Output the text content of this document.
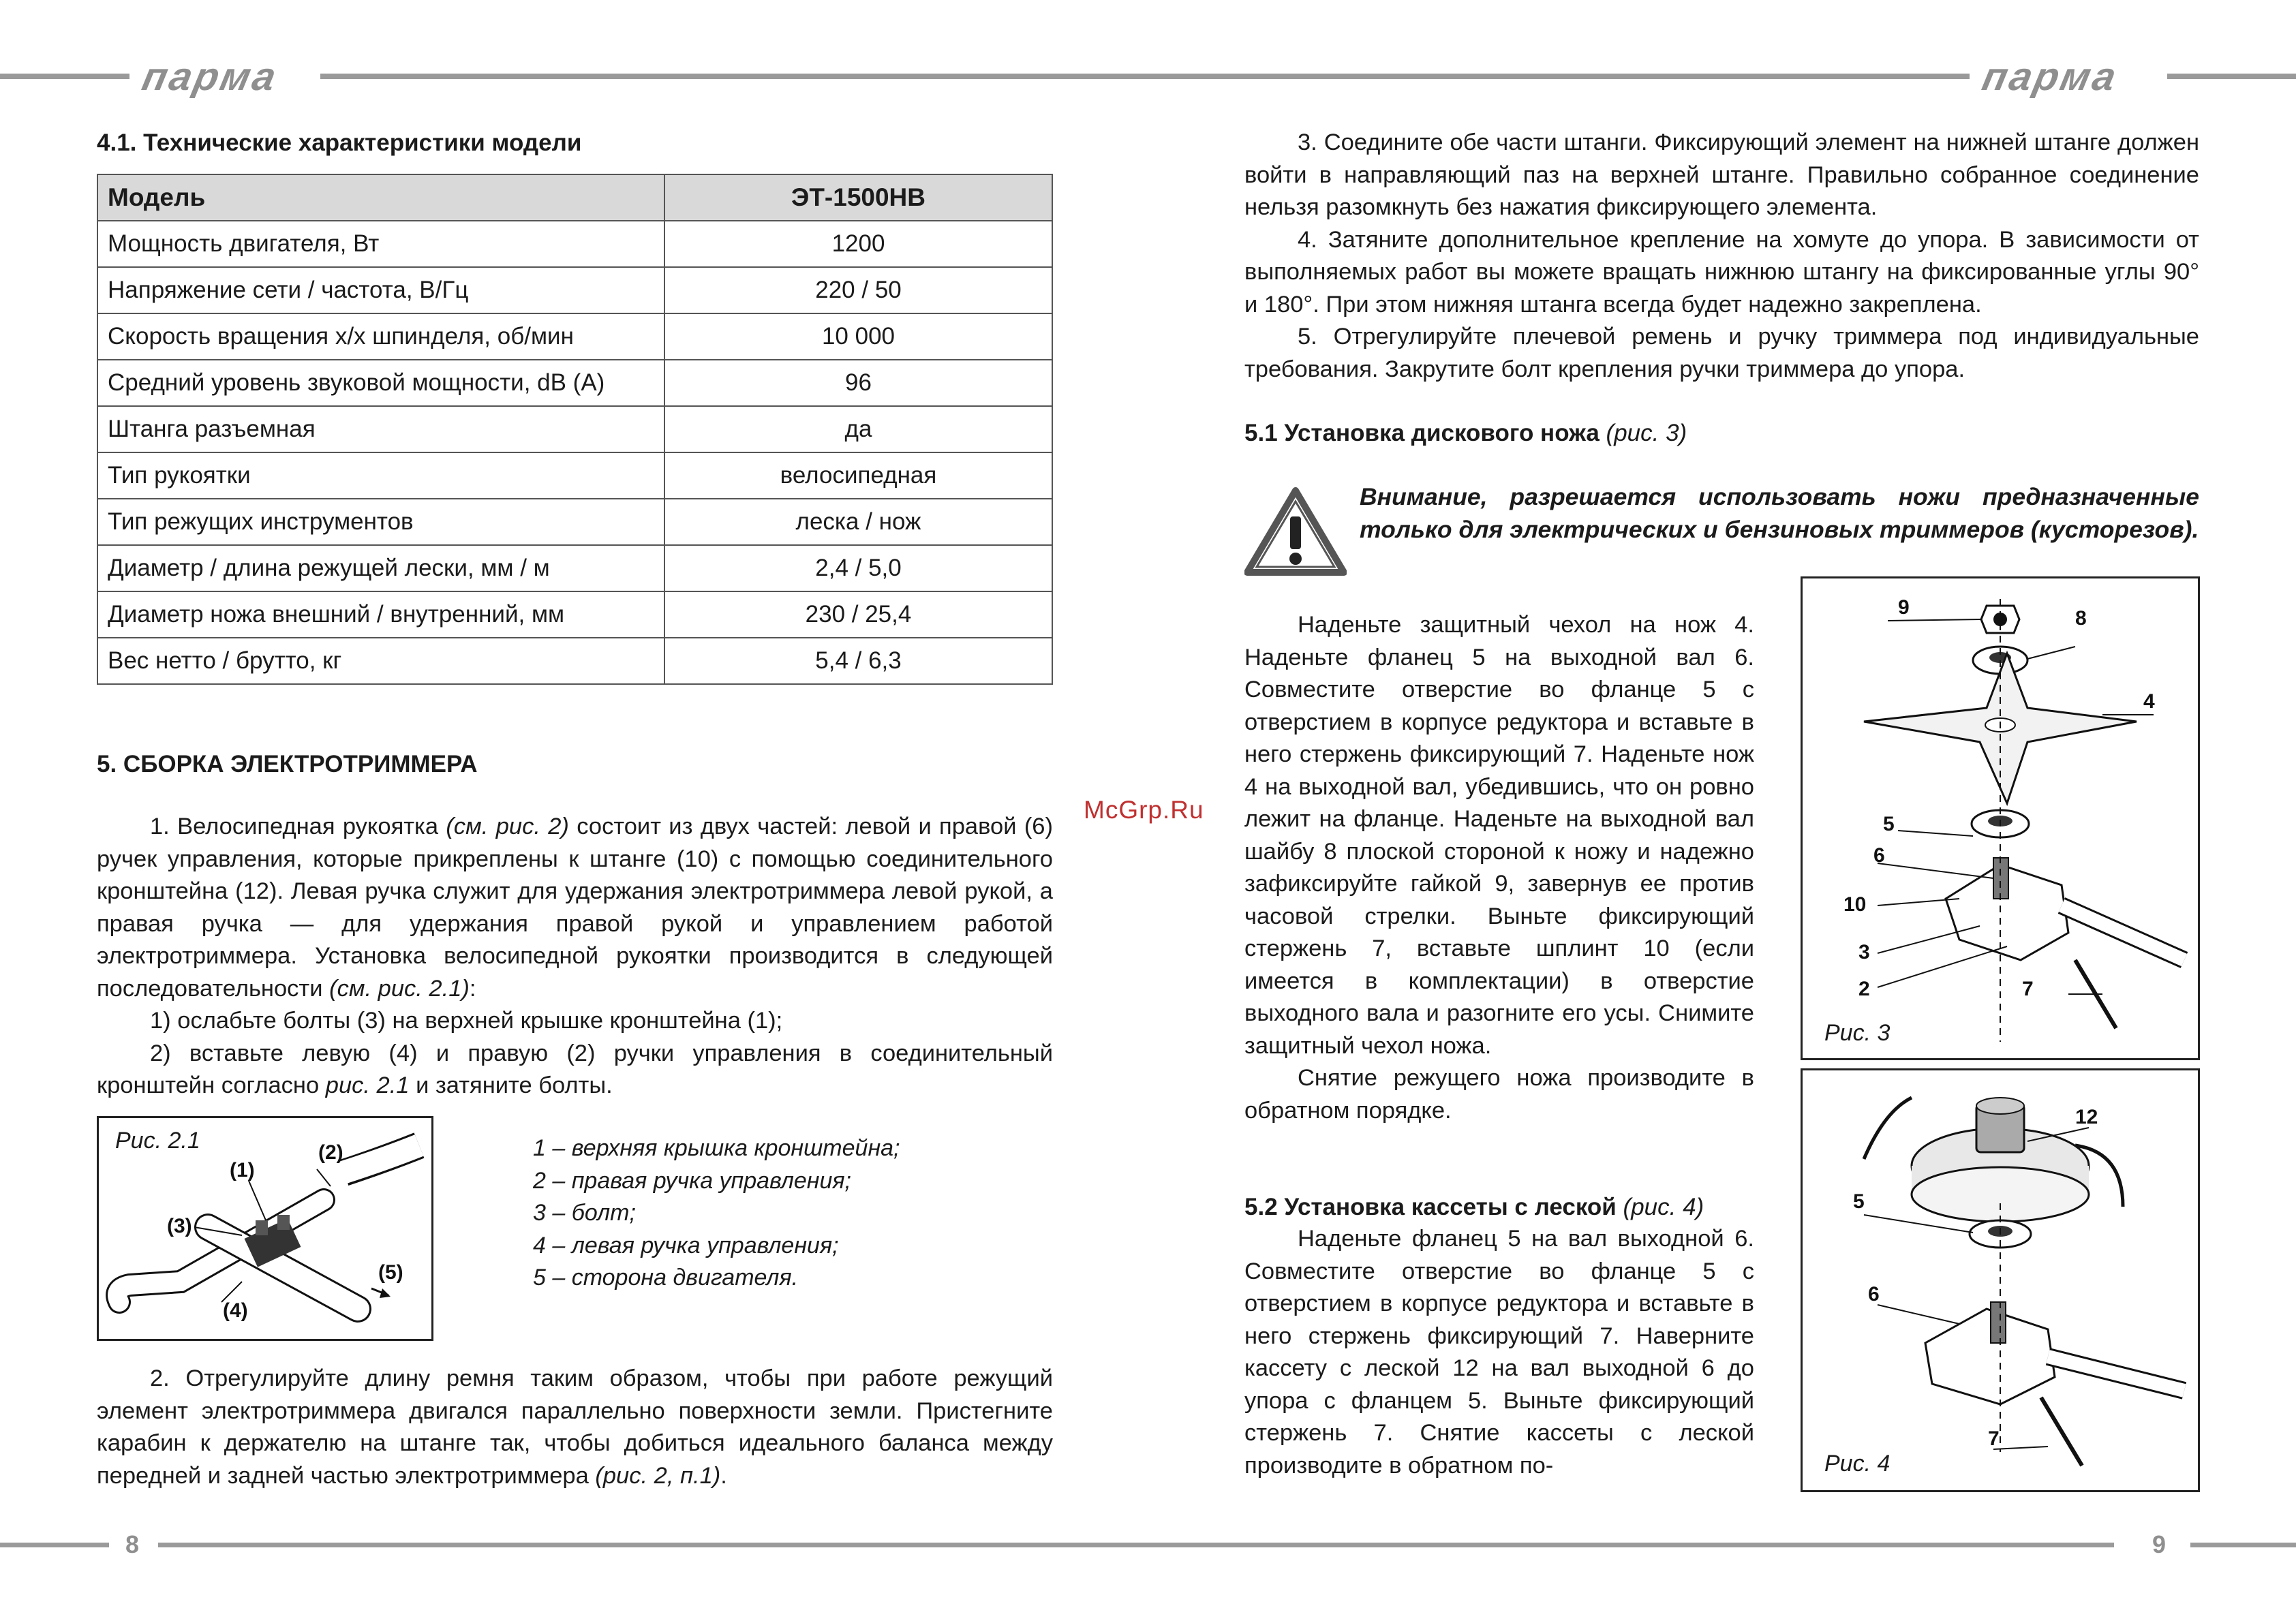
парма	парма
8	9
4.1. Технические характеристики модели
Модель	ЭТ-1500НВ
Мощность двигателя, Вт	1200
Напряжение сети / частота, В/Гц	220 / 50
Скорость вращения х/х шпинделя, об/мин	10 000
Средний уровень звуковой мощности, dB (A)	96
Штанга разъемная	да
Тип рукоятки	велосипедная
Тип режущих инструментов	леска / нож
Диаметр / длина режущей лески, мм / м	2,4 / 5,0
Диаметр ножа внешний / внутренний, мм	230 / 25,4
Вес нетто / брутто, кг	5,4 / 6,3
5. СБОРКА ЭЛЕКТРОТРИММЕРА

1. Велосипедная рукоятка (см. рис. 2) состоит из двух частей: левой и правой (6) ручек управления, которые прикреплены к штанге (10) с помощью соединительного кронштейна (12). Левая ручка служит для удержания электротриммера левой рукой, а правая ручка — для удержания правой рукой и управлением работой электротриммера. Установка велосипедной рукоятки производится в следующей последовательности (см. рис. 2.1):

1) ослабьте болты (3) на верхней крышке кронштейна (1);

2) вставьте левую (4) и правую (2) ручки управления в соединительный кронштейн согласно рис. 2.1 и затяните болты.

Рис. 2.1
(1)
(2)
(3)
(4)
(5)
1 – верхняя крышка кронштейна;
2 – правая ручка управления;
3 – болт;
4 – левая ручка управления;
5 – сторона двигателя.

2. Отрегулируйте длину ремня таким образом, чтобы при работе режущий элемент электротриммера двигался параллельно поверхности земли. Пристегните карабин к держателю на штанге так, чтобы добиться идеального баланса между передней и задней частью электротриммера (рис. 2, п.1).

McGrp.Ru

3. Соедините обе части штанги. Фиксирующий элемент на нижней штанге должен войти в направляющий паз на верхней штанге. Правильно собранное соединение нельзя разомкнуть без нажатия фиксирующего элемента.

4. Затяните дополнительное крепление на хомуте до упора. В зависимости от выполняемых работ вы можете вращать нижнюю штангу на фиксированные углы 90° и 180°. При этом нижняя штанга всегда будет надежно закреплена.

5. Отрегулируйте плечевой ремень и ручку триммера под индивидуальные требования. Закрутите болт крепления ручки триммера до упора.

5.1 Установка дискового ножа (рис. 3)
Внимание, разрешается использовать ножи предназначенные только для электрических и бензиновых триммеров (кусторезов).

Наденьте защитный чехол на нож 4. Наденьте фланец 5 на выходной вал 6. Совместите отверстие во фланце 5 с отверстием в корпусе редуктора и вставьте в него стержень фиксирующий 7. Наденьте нож 4 на выходной вал, убедившись, что он ровно лежит на фланце. Наденьте на выходной вал шайбу 8 плоской стороной к ножу и надежно зафиксируйте гайкой 9, завернув ее против часовой стрелки. Выньте фиксирующий стержень 7, вставьте шплинт 10 (если имеется в комплектации) в отверстие выходного вала и разогните его усы. Снимите защитный чехол ножа.

Снятие режущего ножа производите в обратном порядке.

5.2 Установка кассеты с леской (рис. 4)

Наденьте фланец 5 на вал выходной 6. Совместите отверстие во фланце 5 с отверстием в корпусе редуктора и вставьте в него стержень фиксирующий 7. Наверните кассету с леской 12 на вал выходной 6 до упора с фланцем 5. Выньте фиксирующий стержень 7. Снятие кассеты с леской производите в обратном по-

9	8
4
5
6
10
3
2	7
Рис. 3
12
5
6
7
Рис. 4
